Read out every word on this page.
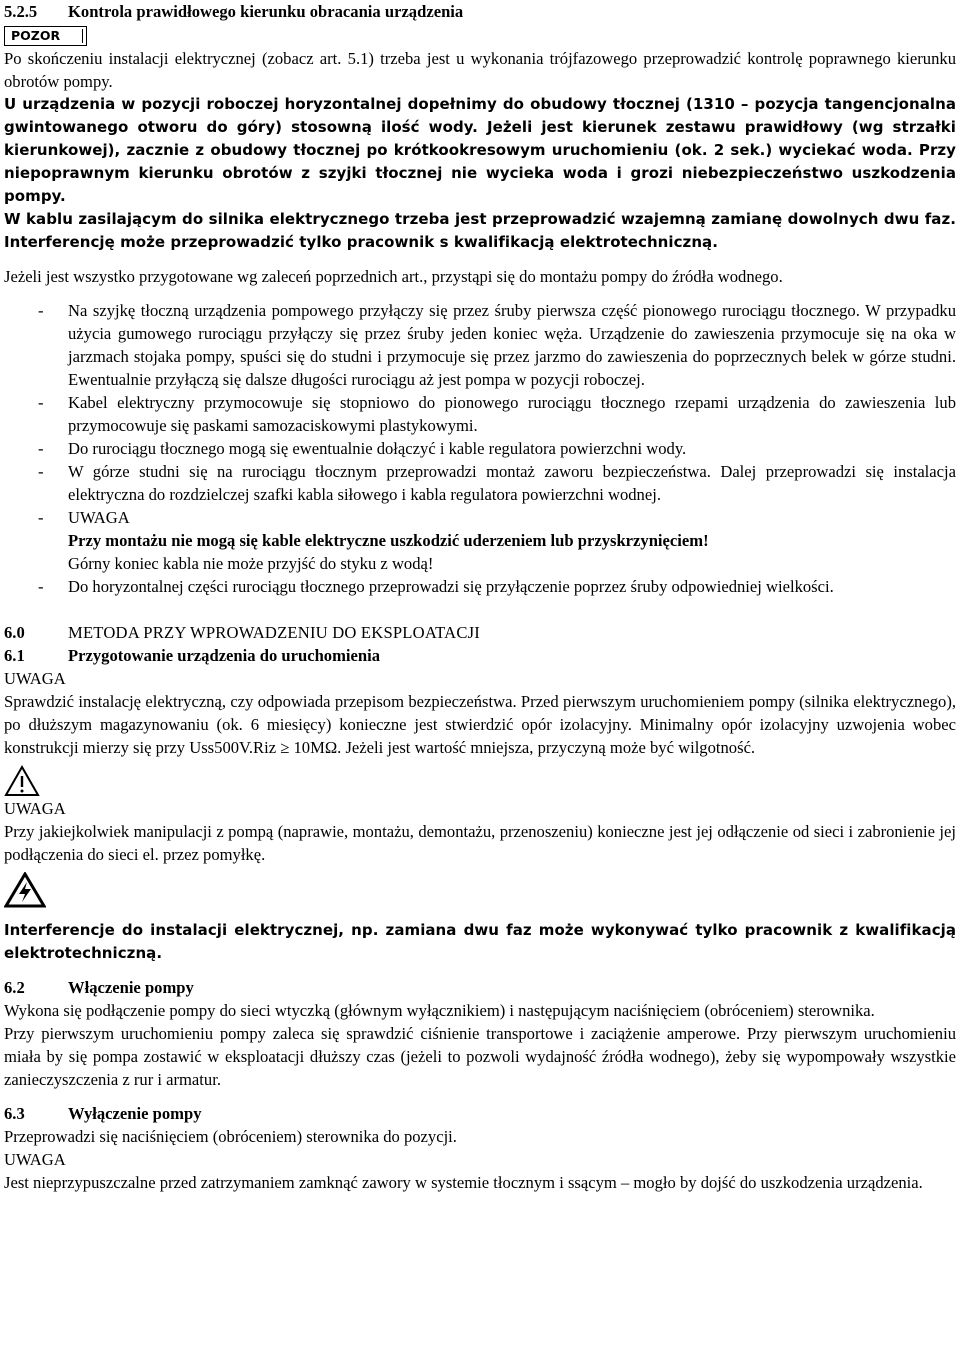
5.2.5 Kontrola prawidłowego kierunku obracania urządzenia
POZOR

Po skończeniu instalacji elektrycznej (zobacz art. 5.1) trzeba jest u wykonania trójfazowego przeprowadzić kontrolę poprawnego kierunku obrotów pompy.

U urządzenia w pozycji roboczej horyzontalnej dopełnimy do obudowy tłocznej (1310 – pozycja tangencjonalna gwintowanego otworu do góry) stosowną ilość wody. Jeżeli jest kierunek zestawu prawidłowy (wg strzałki kierunkowej), zacznie z obudowy tłocznej po krótkookresowym uruchomieniu (ok. 2 sek.) wyciekać woda. Przy niepoprawnym kierunku obrotów z szyjki tłocznej nie wycieka woda i grozi niebezpieczeństwo uszkodzenia pompy.

W kablu zasilającym do silnika elektrycznego trzeba jest przeprowadzić wzajemną zamianę dowolnych dwu faz. Interferencję może przeprowadzić tylko pracownik s kwalifikacją elektrotechniczną.

Jeżeli jest wszystko przygotowane wg zaleceń poprzednich art., przystąpi się do montażu pompy do źródła wodnego.

- Na szyjkę tłoczną urządzenia pompowego przyłączy się przez śruby pierwsza część pionowego rurociągu tłocznego. W przypadku użycia gumowego rurociągu przyłączy się przez śruby jeden koniec węża. Urządzenie do zawieszenia przymocuje się na oka w jarzmach stojaka pompy, spuści się do studni i przymocuje się przez jarzmo do zawieszenia do poprzecznych belek w górze studni. Ewentualnie przyłączą się dalsze długości rurociągu aż jest pompa w pozycji roboczej.
- Kabel elektryczny przymocowuje się stopniowo do pionowego rurociągu tłocznego rzepami urządzenia do zawieszenia lub przymocowuje się paskami samozaciskowymi plastykowymi.
- Do rurociągu tłocznego mogą się ewentualnie dołączyć i kable regulatora powierzchni wody.
- W górze studni się na rurociągu tłocznym przeprowadzi montaż zaworu bezpieczeństwa. Dalej przeprowadzi się instalacja elektryczna do rozdzielczej szafki kabla siłowego i kabla regulatora powierzchni wodnej.
- UWAGA
Przy montażu nie mogą się kable elektryczne uszkodzić uderzeniem lub przyskrzynięciem!
Górny koniec kabla nie może przyjść do styku z wodą!
- Do horyzontalnej części rurociągu tłocznego przeprowadzi się przyłączenie poprzez śruby odpowiedniej wielkości.
6.0	METODA PRZY WPROWADZENIU DO EKSPLOATACJI
6.1	Przygotowanie urządzenia do uruchomienia
UWAGA

Sprawdzić instalację elektryczną, czy odpowiada przepisom bezpieczeństwa. Przed pierwszym uruchomieniem pompy (silnika elektrycznego), po dłuższym magazynowaniu (ok. 6 miesięcy) konieczne jest stwierdzić opór izolacyjny. Minimalny opór izolacyjny uzwojenia wobec konstrukcji mierzy się przy Uss500V.Riz ≥ 10MΩ. Jeżeli jest wartość mniejsza, przyczyną może być wilgotność.

UWAGA

Przy jakiejkolwiek manipulacji z pompą (naprawie, montażu, demontażu, przenoszeniu) konieczne jest jej odłączenie od sieci i zabronienie jej podłączenia do sieci el. przez pomyłkę.

Interferencje do instalacji elektrycznej, np. zamiana dwu faz może wykonywać tylko pracownik z kwalifikacją elektrotechniczną.

6.2	Włączenie pompy

Wykona się podłączenie pompy do sieci wtyczką (głównym wyłącznikiem) i następującym naciśnięciem (obróceniem) sterownika.

Przy pierwszym uruchomieniu pompy zaleca się sprawdzić ciśnienie transportowe i zaciążenie amperowe. Przy pierwszym uruchomieniu miała by się pompa zostawić w eksploatacji dłuższy czas (jeżeli to pozwoli wydajność źródła wodnego), żeby się wypompowały wszystkie zanieczyszczenia z rur i armatur.

6.3	Wyłączenie pompy

Przeprowadzi się naciśnięciem (obróceniem) sterownika do pozycji.

UWAGA

Jest nieprzypuszczalne przed zatrzymaniem zamknąć zawory w systemie tłocznym i ssącym – mogło by dojść do uszkodzenia urządzenia.
